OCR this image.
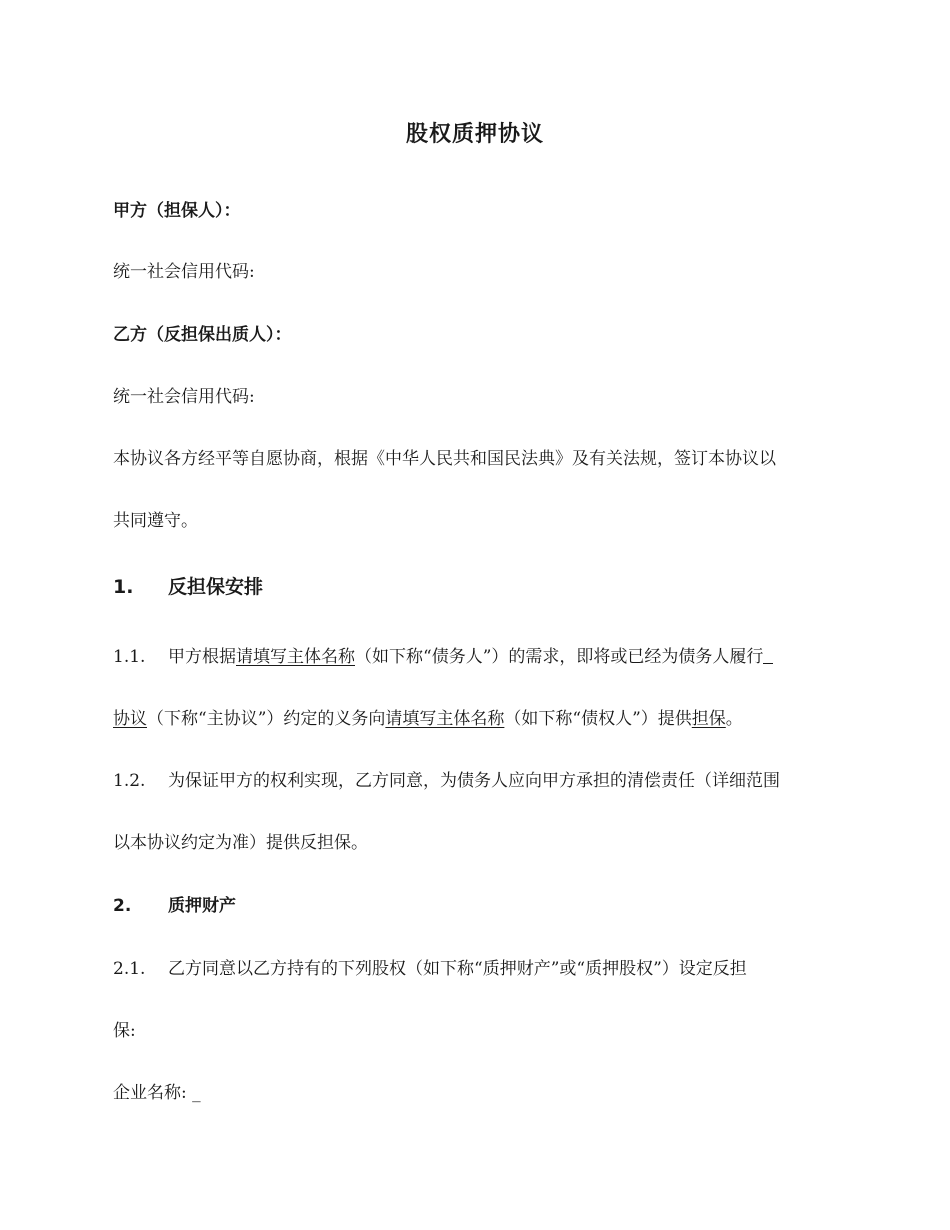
股权质押协议
甲方（担保人）：
统一社会信用代码:
乙方（反担保出质人）：
统一社会信用代码:
本协议各方经平等自愿协商，根据《中华人民共和国民法典》及有关法规，签订本协议以
共同遵守。
1. 反担保安排
1.1. 甲方根据请填写主体名称（如下称“债务人”）的需求，即将或已经为债务人履行
协议（下称“主协议”）约定的义务向请填写主体名称（如下称“债权人”）提供担保。
1.2. 为保证甲方的权利实现，乙方同意，为债务人应向甲方承担的清偿责任（详细范围
以本协议约定为准）提供反担保。
2. 质押财产
2.1. 乙方同意以乙方持有的下列股权（如下称“质押财产”或“质押股权”）设定反担
保:
企业名称: _
